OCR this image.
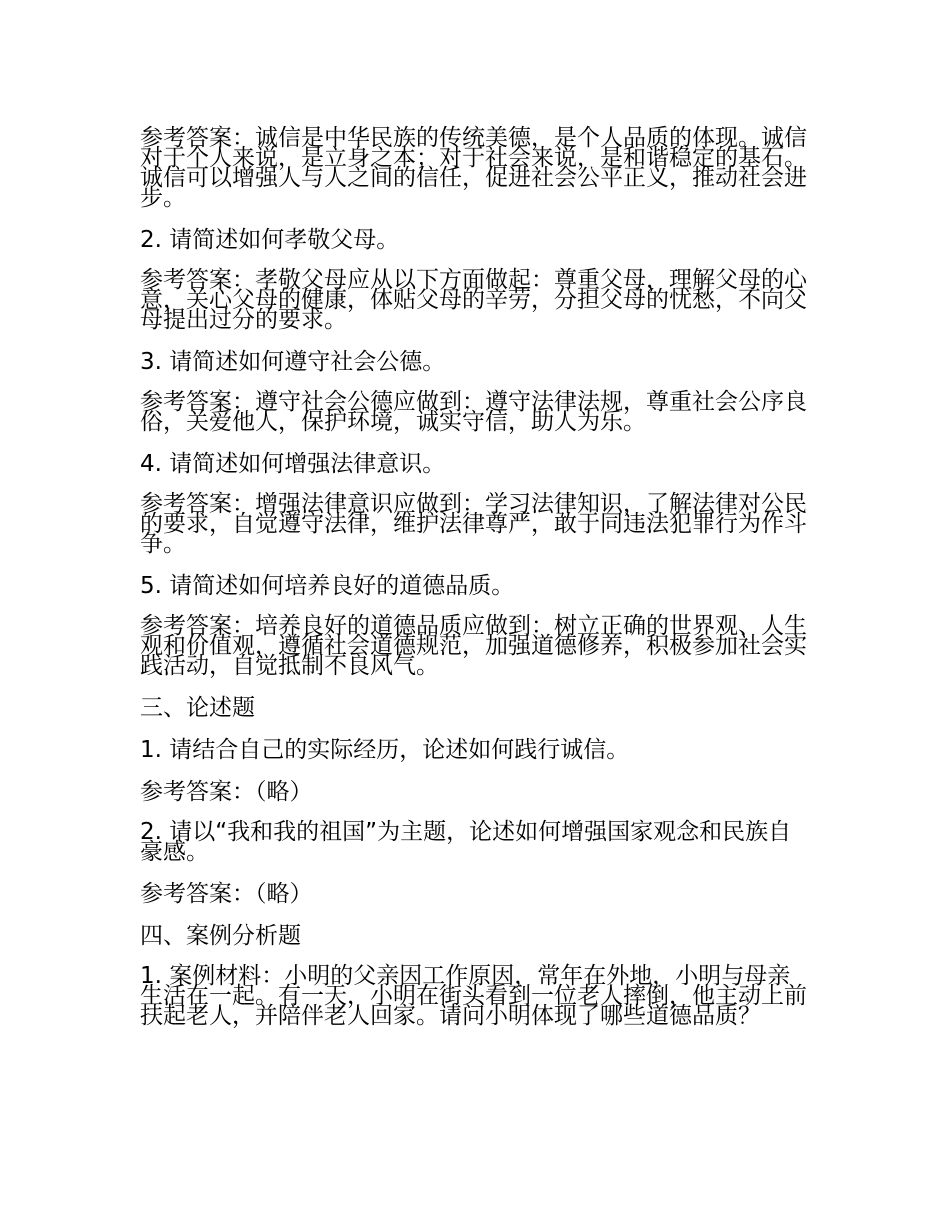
参考答案：诚信是中华民族的传统美德，是个人品质的体现。诚信对于个人来说，是立身之本；对于社会来说，是和谐稳定的基石。诚信可以增强人与人之间的信任，促进社会公平正义，推动社会进步。

2. 请简述如何孝敬父母。

参考答案：孝敬父母应从以下方面做起：尊重父母，理解父母的心意，关心父母的健康，体贴父母的辛劳，分担父母的忧愁，不向父母提出过分的要求。

3. 请简述如何遵守社会公德。

参考答案：遵守社会公德应做到：遵守法律法规，尊重社会公序良俗，关爱他人，保护环境，诚实守信，助人为乐。

4. 请简述如何增强法律意识。

参考答案：增强法律意识应做到：学习法律知识，了解法律对公民的要求，自觉遵守法律，维护法律尊严，敢于同违法犯罪行为作斗争。

5. 请简述如何培养良好的道德品质。

参考答案：培养良好的道德品质应做到：树立正确的世界观、人生观和价值观，遵循社会道德规范，加强道德修养，积极参加社会实践活动，自觉抵制不良风气。

三、论述题

1. 请结合自己的实际经历，论述如何践行诚信。

参考答案：（略）

2. 请以“我和我的祖国”为主题，论述如何增强国家观念和民族自豪感。

参考答案：（略）

四、案例分析题

1. 案例材料：小明的父亲因工作原因，常年在外地，小明与母亲生活在一起。有一天，小明在街头看到一位老人摔倒，他主动上前扶起老人，并陪伴老人回家。请问小明体现了哪些道德品质？
